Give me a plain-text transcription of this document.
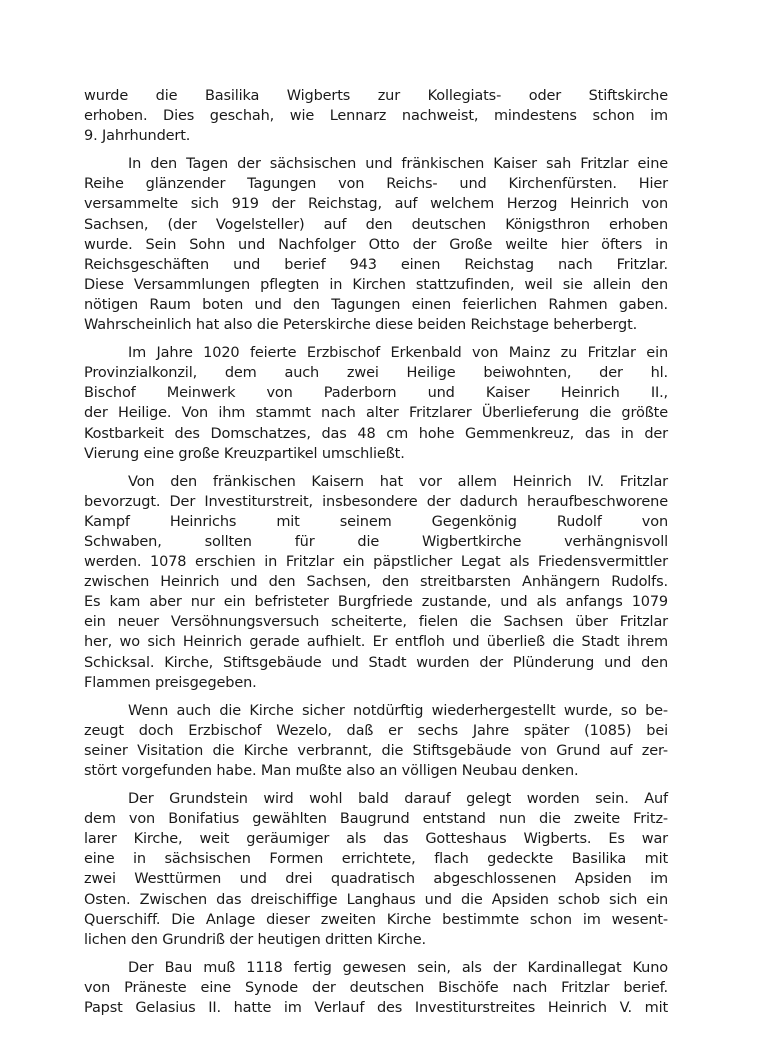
wurde die Basilika Wigberts zur Kollegiats- oder Stiftskirche
erhoben. Dies geschah, wie Lennarz nachweist, mindestens schon im
9. Jahrhundert.
In den Tagen der sächsischen und fränkischen Kaiser sah Fritzlar eine
Reihe glänzender Tagungen von Reichs- und Kirchenfürsten. Hier
versammelte sich 919 der Reichstag, auf welchem Herzog Heinrich von
Sachsen, (der Vogelsteller) auf den deutschen Königsthron erhoben
wurde. Sein Sohn und Nachfolger Otto der Große weilte hier öfters in
Reichsgeschäften und berief 943 einen Reichstag nach Fritzlar.
Diese Versammlungen pflegten in Kirchen stattzufinden, weil sie allein den
nötigen Raum boten und den Tagungen einen feierlichen Rahmen gaben.
Wahrscheinlich hat also die Peterskirche diese beiden Reichstage beherbergt.
Im Jahre 1020 feierte Erzbischof Erkenbald von Mainz zu Fritzlar ein
Provinzialkonzil, dem auch zwei Heilige beiwohnten, der hl.
Bischof Meinwerk von Paderborn und Kaiser Heinrich II.,
der Heilige. Von ihm stammt nach alter Fritzlarer Überlieferung die größte
Kostbarkeit des Domschatzes, das 48 cm hohe Gemmenkreuz, das in der
Vierung eine große Kreuzpartikel umschließt.
Von den fränkischen Kaisern hat vor allem Heinrich IV. Fritzlar
bevorzugt. Der Investiturstreit, insbesondere der dadurch heraufbeschworene
Kampf Heinrichs mit seinem Gegenkönig Rudolf von
Schwaben, sollten für die Wigbertkirche verhängnisvoll
werden. 1078 erschien in Fritzlar ein päpstlicher Legat als Friedensvermittler
zwischen Heinrich und den Sachsen, den streitbarsten Anhängern Rudolfs.
Es kam aber nur ein befristeter Burgfriede zustande, und als anfangs 1079
ein neuer Versöhnungsversuch scheiterte, fielen die Sachsen über Fritzlar
her, wo sich Heinrich gerade aufhielt. Er entfloh und überließ die Stadt ihrem
Schicksal. Kirche, Stiftsgebäude und Stadt wurden der Plünderung und den
Flammen preisgegeben.
Wenn auch die Kirche sicher notdürftig wiederhergestellt wurde, so be-
zeugt doch Erzbischof Wezelo, daß er sechs Jahre später (1085) bei
seiner Visitation die Kirche verbrannt, die Stiftsgebäude von Grund auf zer-
stört vorgefunden habe. Man mußte also an völligen Neubau denken.
Der Grundstein wird wohl bald darauf gelegt worden sein. Auf
dem von Bonifatius gewählten Baugrund entstand nun die zweite Fritz-
larer Kirche, weit geräumiger als das Gotteshaus Wigberts. Es war
eine in sächsischen Formen errichtete, flach gedeckte Basilika mit
zwei Westtürmen und drei quadratisch abgeschlossenen Apsiden im
Osten. Zwischen das dreischiffige Langhaus und die Apsiden schob sich ein
Querschiff. Die Anlage dieser zweiten Kirche bestimmte schon im wesent-
lichen den Grundriß der heutigen dritten Kirche.
Der Bau muß 1118 fertig gewesen sein, als der Kardinallegat Kuno
von Präneste eine Synode der deutschen Bischöfe nach Fritzlar berief.
Papst Gelasius II. hatte im Verlauf des Investiturstreites Heinrich V. mit
